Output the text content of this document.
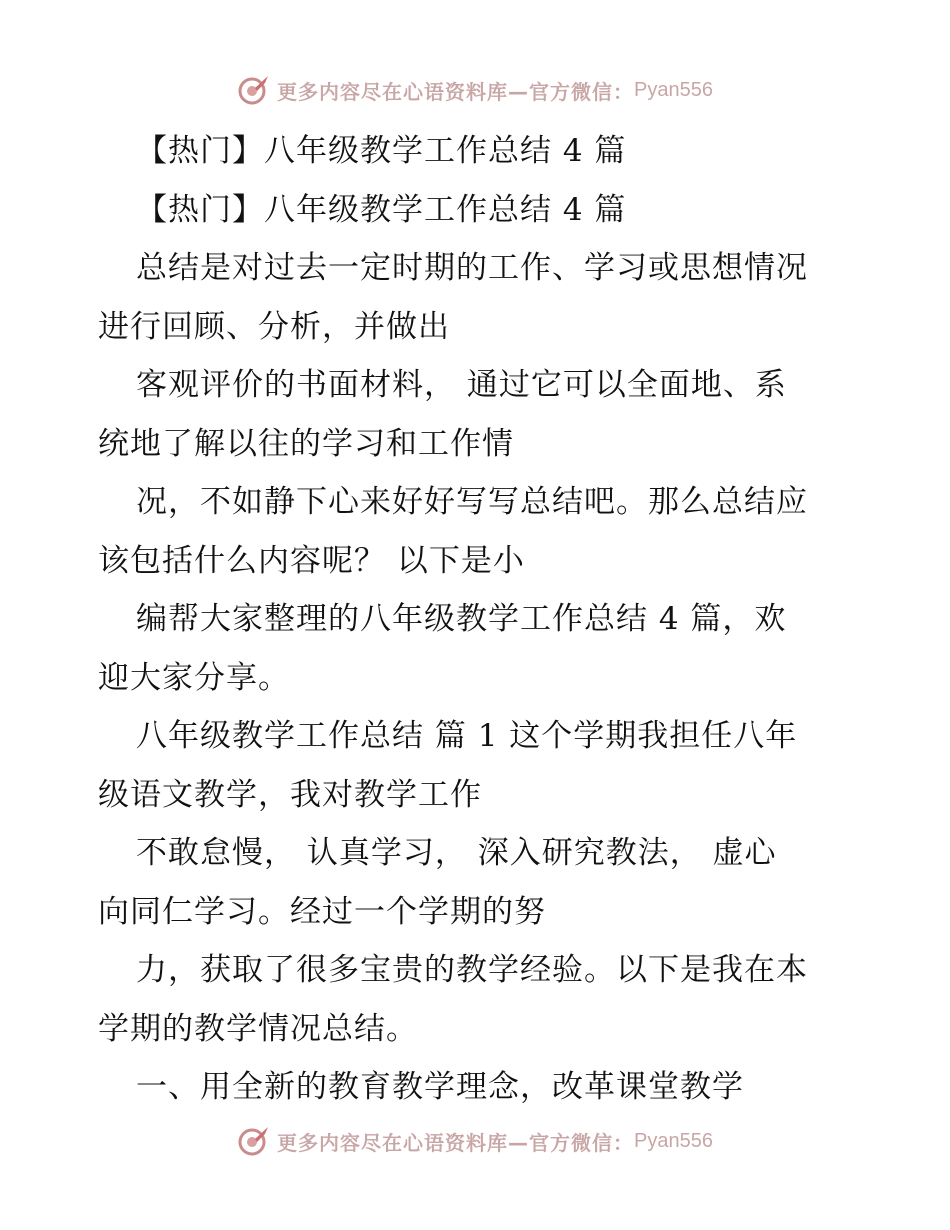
更多内容尽在心语资料库—官方微信： Pyan556
【热门】八年级教学工作总结 4 篇
【热门】八年级教学工作总结 4 篇
总结是对过去一定时期的工作、学习或思想情况
进行回顾、分析，并做出
客观评价的书面材料， 通过它可以全面地、系
统地了解以往的学习和工作情
况，不如静下心来好好写写总结吧。那么总结应
该包括什么内容呢？ 以下是小
编帮大家整理的八年级教学工作总结 4 篇，欢
迎大家分享。
八年级教学工作总结 篇 1 这个学期我担任八年
级语文教学，我对教学工作
不敢怠慢， 认真学习， 深入研究教法， 虚心
向同仁学习。经过一个学期的努
力，获取了很多宝贵的教学经验。以下是我在本
学期的教学情况总结。
一、用全新的教育教学理念，改革课堂教学
更多内容尽在心语资料库—官方微信： Pyan556
